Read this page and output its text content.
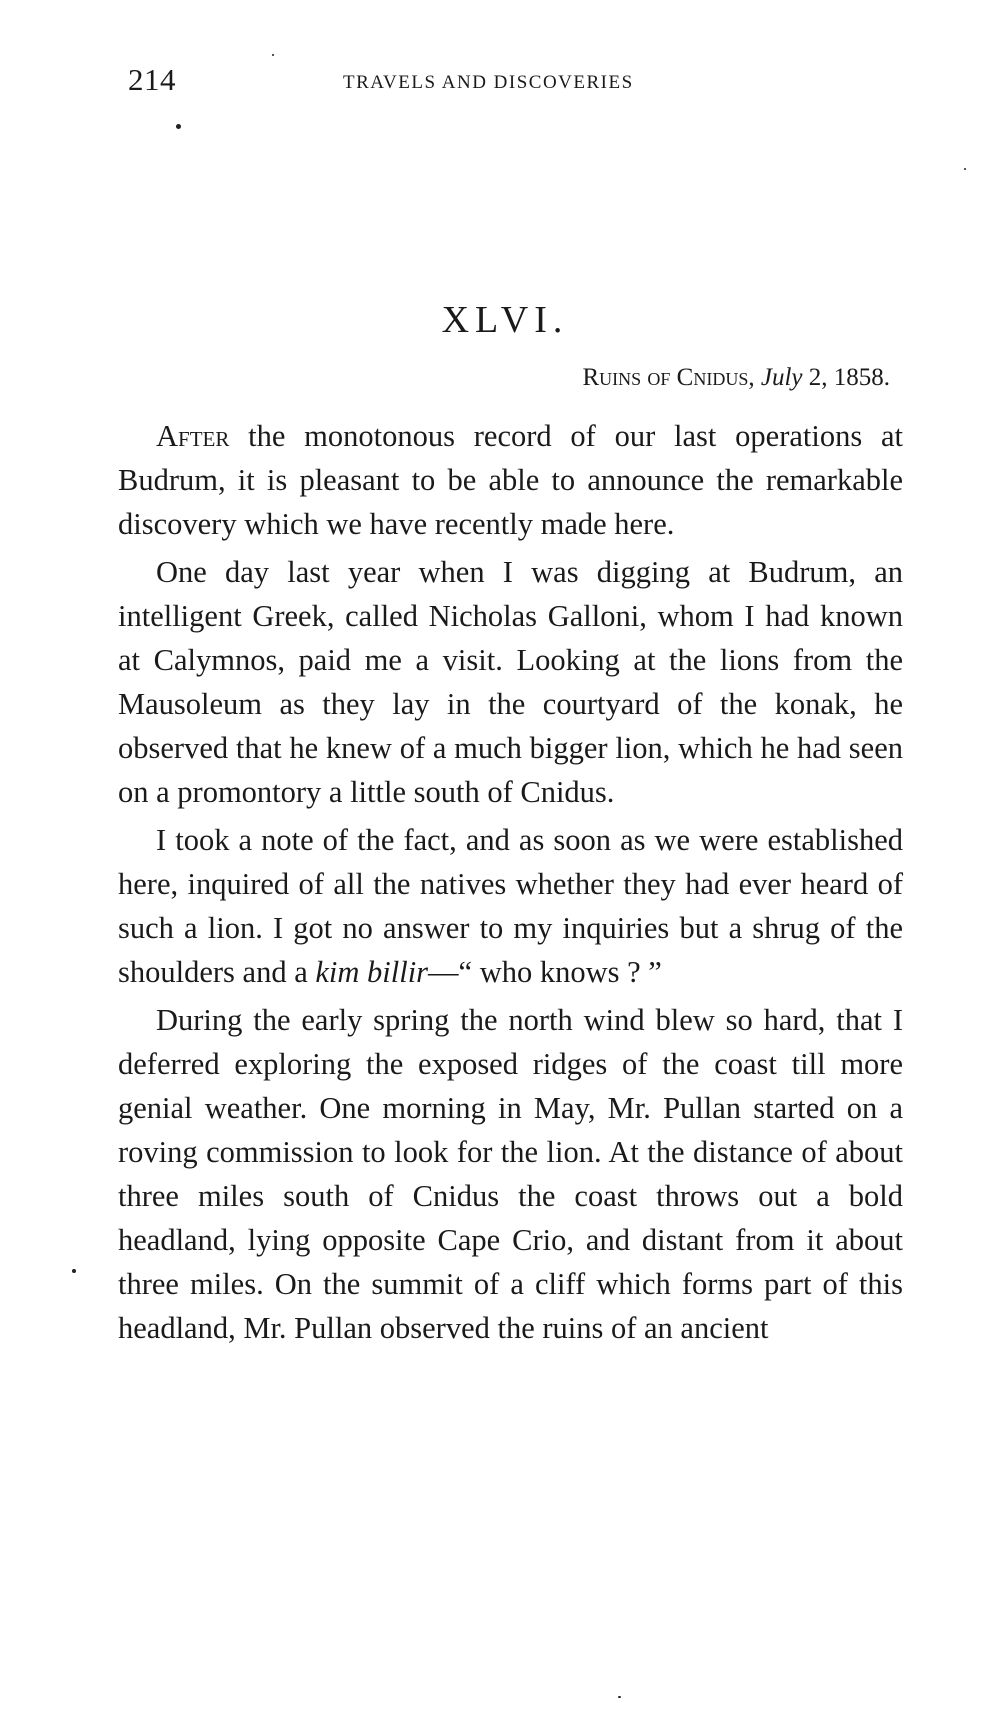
214	TRAVELS AND DISCOVERIES
XLVI.
Ruins of Cnidus, July 2, 1858.

After the monotonous record of our last operations at Budrum, it is pleasant to be able to announce the remarkable discovery which we have recently made here.

One day last year when I was digging at Budrum, an intelligent Greek, called Nicholas Galloni, whom I had known at Calymnos, paid me a visit. Looking at the lions from the Mausoleum as they lay in the courtyard of the konak, he observed that he knew of a much bigger lion, which he had seen on a promontory a little south of Cnidus.

I took a note of the fact, and as soon as we were established here, inquired of all the natives whether they had ever heard of such a lion. I got no answer to my inquiries but a shrug of the shoulders and a kim billir—“ who knows ? ”

During the early spring the north wind blew so hard, that I deferred exploring the exposed ridges of the coast till more genial weather. One morning in May, Mr. Pullan started on a roving commission to look for the lion. At the distance of about three miles south of Cnidus the coast throws out a bold headland, lying opposite Cape Crio, and distant from it about three miles. On the summit of a cliff which forms part of this headland, Mr. Pullan observed the ruins of an ancient
